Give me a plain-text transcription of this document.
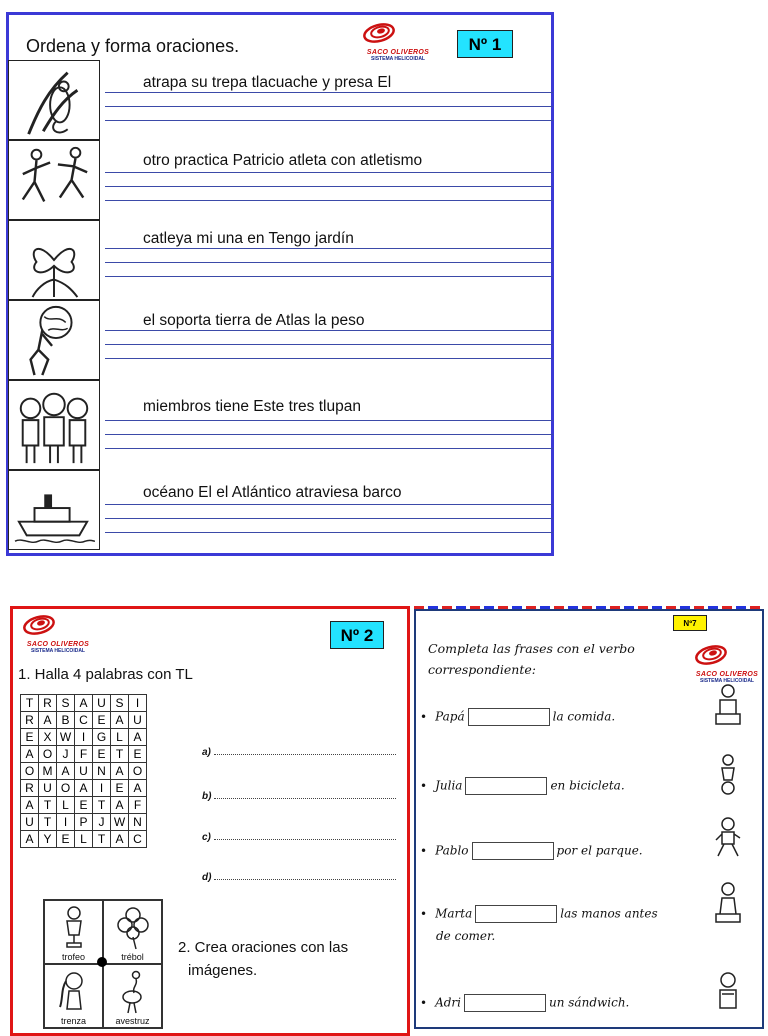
Ordena y forma oraciones.	SACO OLIVEROS
SISTEMA HELICOIDAL
Nº 1
atrapa su trepa tlacuache y presa El
otro practica Patricio atleta con atletismo
catleya mi una en Tengo jardín
el soporta tierra de Atlas la peso
miembros tiene Este tres tlupan
océano El el Atlántico atraviesa barco
SACO OLIVEROS
SISTEMA HELICOIDAL
Nº 2
1. Halla 4 palabras con TL
T	R	S	A	U	S	I
R	A	B	C	E	A	U
E	X	W	I	G	L	A
A	O	J	F	E	T	E
O	M	A	U	N	A	O
R	U	O	A	I	E	A
A	T	L	E	T	A	F
U	T	I	P	J	W	N
A	Y	E	L	T	A	C
a)
b)
c)
d)
trofeo	trébol
trenza	avestruz
2. Crea oraciones con las
imágenes.
Nº7
SACO OLIVEROS
SISTEMA HELICOIDAL
Completa las frases con el verbo
correspondiente:
• Papá	la comida.
• Julia	en bicicleta.
• Pablo	por el parque.
• Marta	las manos antes
de comer.
• Adri	un sándwich.
